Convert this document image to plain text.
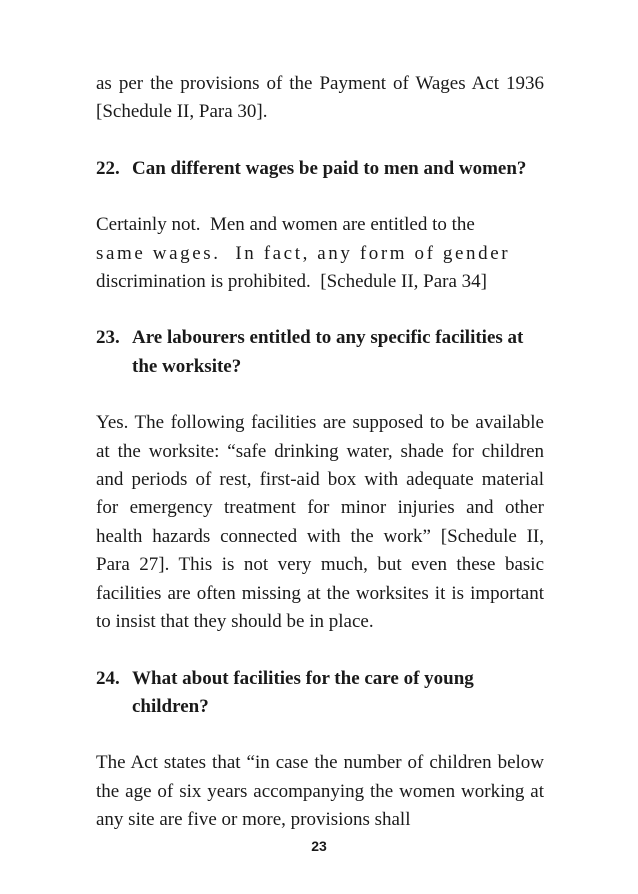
as per the provisions of the Payment of Wages Act 1936 [Schedule II, Para 30].

22. Can different wages be paid to men and women?

Certainly not.  Men and women are entitled to the

same wages.  In fact, any form of gender

discrimination is prohibited.  [Schedule II, Para 34]

23. Are labourers entitled to any specific facilities at the worksite?

Yes. The following facilities are supposed to be available at the worksite: “safe drinking water, shade for children and periods of rest, first-aid box with adequate material for emergency treatment for minor injuries and other health hazards connected with the work” [Schedule II, Para 27]. This is not very much, but even these basic facilities are often missing at the worksites it is important to insist that they should be in place.

24. What about facilities for the care of young children?

The Act states that “in case the number of children below the age of six years accompanying the women working at any site are five or more, provisions shall

23
